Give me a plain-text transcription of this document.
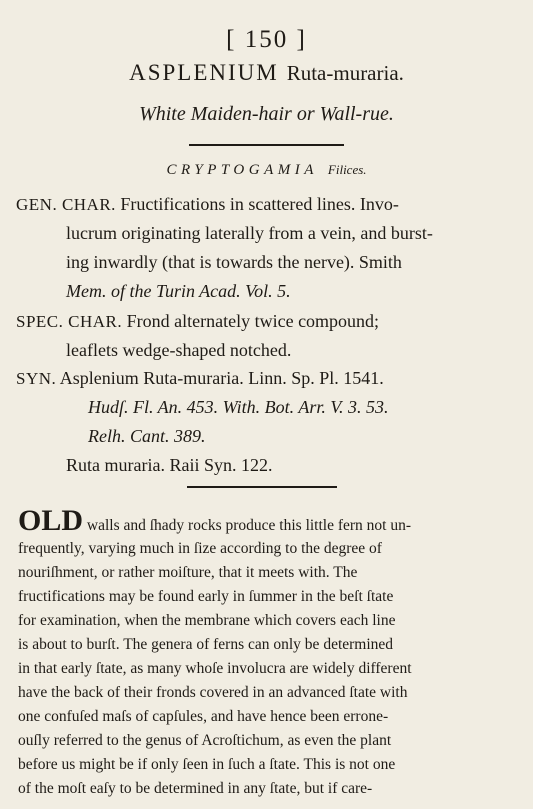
[ 150 ]
ASPLENIUM Ruta-muraria.
White Maiden-hair or Wall-rue.
CRYPTOGAMIA Filices.
GEN. CHAR. Fructifications in scattered lines. Invo-
lucrum originating laterally from a vein, and burst-
ing inwardly (that is towards the nerve). Smith
Mem. of the Turin Acad. Vol. 5.
SPEC. CHAR. Frond alternately twice compound;
leaflets wedge-shaped notched.
SYN. Asplenium Ruta-muraria. Linn. Sp. Pl. 1541.
Hudſ. Fl. An. 453. With. Bot. Arr. V. 3. 53.
Relh. Cant. 389.
Ruta muraria. Raii Syn. 122.
OLD walls and ſhady rocks produce this little fern not un-
frequently, varying much in ſize according to the degree of
nouriſhment, or rather moiſture, that it meets with. The
fructifications may be found early in ſummer in the beſt ſtate
for examination, when the membrane which covers each line
is about to burſt. The genera of ferns can only be determined
in that early ſtate, as many whoſe involucra are widely different
have the back of their fronds covered in an advanced ſtate with
one confuſed maſs of capſules, and have hence been errone-
ouſly referred to the genus of Acroſtichum, as even the plant
before us might be if only ſeen in ſuch a ſtate. This is not one
of the moſt eaſy to be determined in any ſtate, but if care-
